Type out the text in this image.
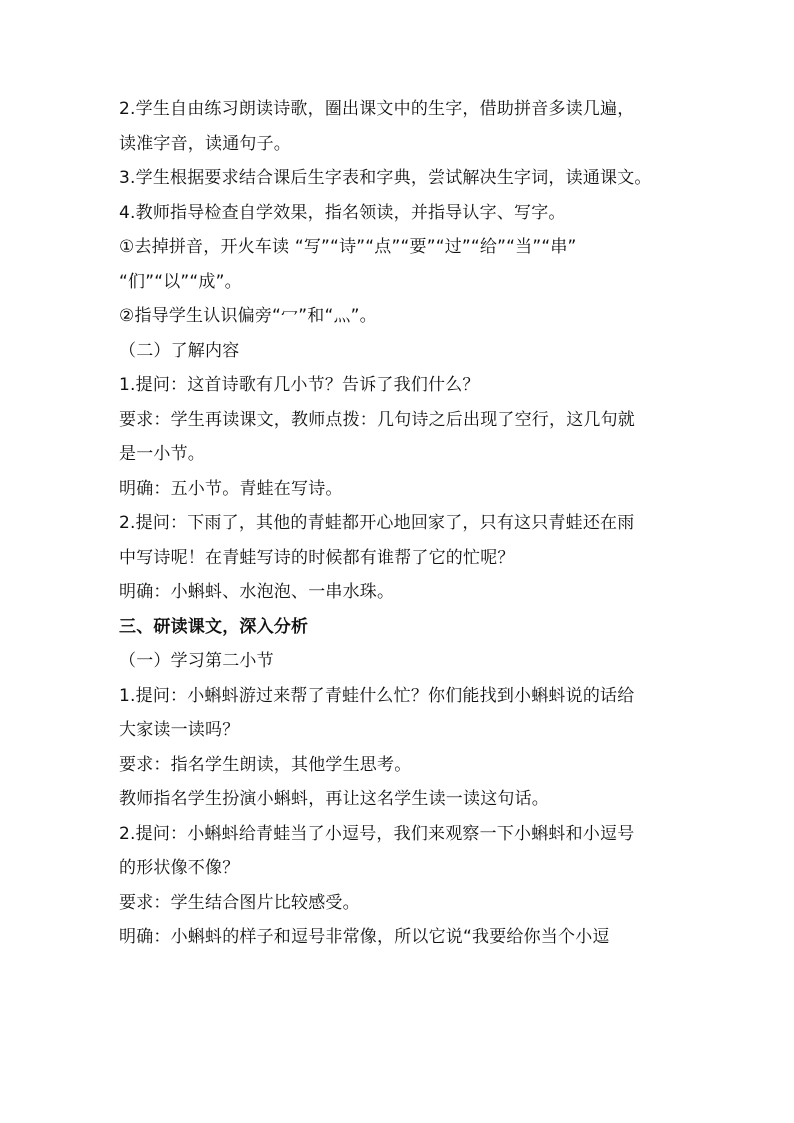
2.学生自由练习朗读诗歌，圈出课文中的生字，借助拼音多读几遍，
读准字音，读通句子。
3.学生根据要求结合课后生字表和字典，尝试解决生字词，读通课文。
4.教师指导检查自学效果，指名领读，并指导认字、写字。
①去掉拼音，开火车读 “写”“诗”“点”“要”“过”“给”“当”“串”
“们”“以”“成”。
②指导学生认识偏旁“冖”和“灬”。
（二）了解内容
1.提问：这首诗歌有几小节？告诉了我们什么？
要求：学生再读课文，教师点拨：几句诗之后出现了空行，这几句就
是一小节。
明确：五小节。青蛙在写诗。
2.提问：下雨了，其他的青蛙都开心地回家了，只有这只青蛙还在雨
中写诗呢！在青蛙写诗的时候都有谁帮了它的忙呢？
明确：小蝌蚪、水泡泡、一串水珠。
三、研读课文，深入分析
（一）学习第二小节
1.提问：小蝌蚪游过来帮了青蛙什么忙？你们能找到小蝌蚪说的话给
大家读一读吗？
要求：指名学生朗读，其他学生思考。
教师指名学生扮演小蝌蚪，再让这名学生读一读这句话。
2.提问：小蝌蚪给青蛙当了小逗号，我们来观察一下小蝌蚪和小逗号
的形状像不像？
要求：学生结合图片比较感受。
明确：小蝌蚪的样子和逗号非常像，所以它说“我要给你当个小逗
